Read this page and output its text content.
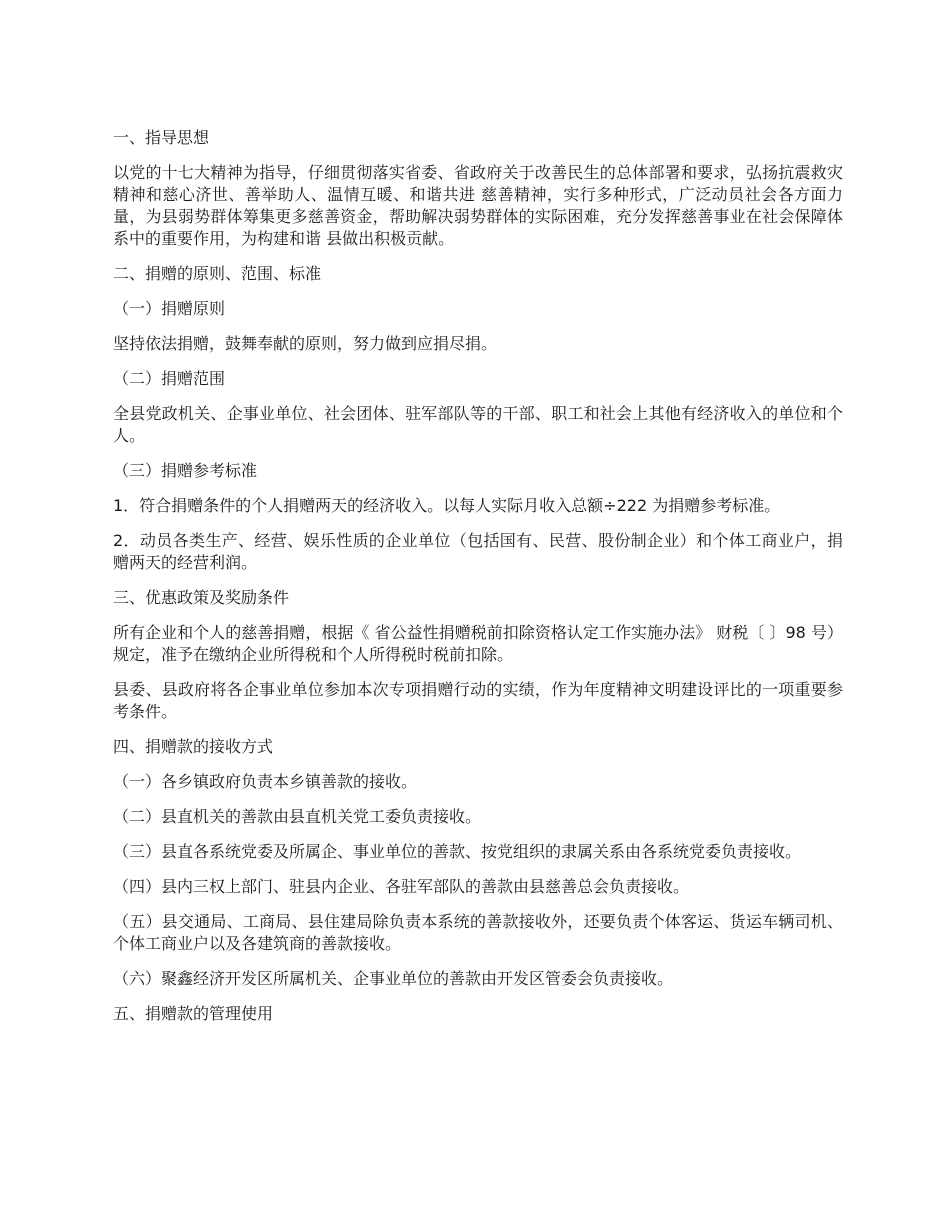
一、指导思想

以党的十七大精神为指导，仔细贯彻落实省委、省政府关于改善民生的总体部署和要求，弘扬抗震救灾精神和慈心济世、善举助人、温情互暖、和谐共进 慈善精神，实行多种形式，广泛动员社会各方面力量，为县弱势群体筹集更多慈善资金，帮助解决弱势群体的实际困难，充分发挥慈善事业在社会保障体系中的重要作用，为构建和谐 县做出积极贡献。

二、捐赠的原则、范围、标准

（一）捐赠原则

坚持依法捐赠，鼓舞奉献的原则，努力做到应捐尽捐。

（二）捐赠范围

全县党政机关、企事业单位、社会团体、驻军部队等的干部、职工和社会上其他有经济收入的单位和个人。

（三）捐赠参考标准

1．符合捐赠条件的个人捐赠两天的经济收入。以每人实际月收入总额÷222 为捐赠参考标准。

2．动员各类生产、经营、娱乐性质的企业单位（包括国有、民营、股份制企业）和个体工商业户，捐赠两天的经营利润。

三、优惠政策及奖励条件

所有企业和个人的慈善捐赠，根据《 省公益性捐赠税前扣除资格认定工作实施办法》 财税〔 〕98 号）规定，准予在缴纳企业所得税和个人所得税时税前扣除。

县委、县政府将各企事业单位参加本次专项捐赠行动的实绩，作为年度精神文明建设评比的一项重要参考条件。

四、捐赠款的接收方式

（一）各乡镇政府负责本乡镇善款的接收。

（二）县直机关的善款由县直机关党工委负责接收。

（三）县直各系统党委及所属企、事业单位的善款、按党组织的隶属关系由各系统党委负责接收。

（四）县内三权上部门、驻县内企业、各驻军部队的善款由县慈善总会负责接收。

（五）县交通局、工商局、县住建局除负责本系统的善款接收外，还要负责个体客运、货运车辆司机、个体工商业户以及各建筑商的善款接收。

（六）聚鑫经济开发区所属机关、企事业单位的善款由开发区管委会负责接收。

五、捐赠款的管理使用
